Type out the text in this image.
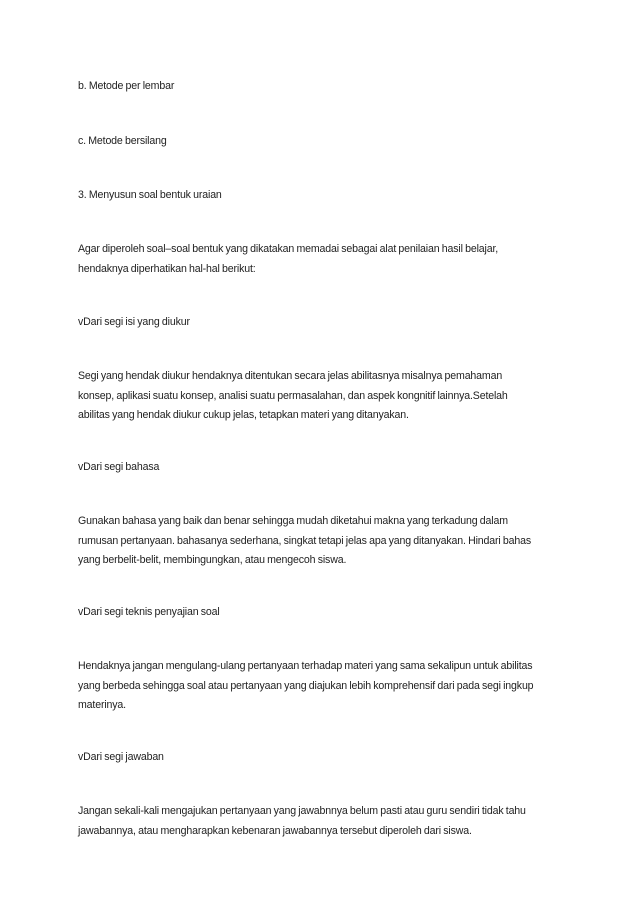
b. Metode per lembar

c. Metode bersilang

3. Menyusun soal bentuk uraian

Agar diperoleh soal–soal bentuk yang dikatakan memadai sebagai alat penilaian hasil belajar,
hendaknya diperhatikan hal-hal berikut:

vDari segi isi yang diukur

Segi yang hendak diukur hendaknya ditentukan secara jelas abilitasnya misalnya pemahaman
konsep, aplikasi suatu konsep, analisi suatu permasalahan, dan aspek kongnitif lainnya.Setelah
abilitas yang hendak diukur cukup jelas, tetapkan materi yang ditanyakan.

vDari segi bahasa

Gunakan bahasa yang baik dan benar sehingga mudah diketahui makna yang terkadung dalam
rumusan pertanyaan. bahasanya sederhana, singkat tetapi jelas apa yang ditanyakan. Hindari bahas
yang berbelit-belit, membingungkan, atau mengecoh siswa.

vDari segi teknis penyajian soal

Hendaknya jangan mengulang-ulang pertanyaan terhadap materi yang sama sekalipun untuk abilitas
yang berbeda sehingga soal atau pertanyaan yang diajukan lebih komprehensif dari pada segi ingkup
materinya.

vDari segi jawaban

Jangan sekali-kali mengajukan pertanyaan yang jawabnnya belum pasti atau guru sendiri tidak tahu
jawabannya, atau mengharapkan kebenaran jawabannya tersebut diperoleh dari siswa.
